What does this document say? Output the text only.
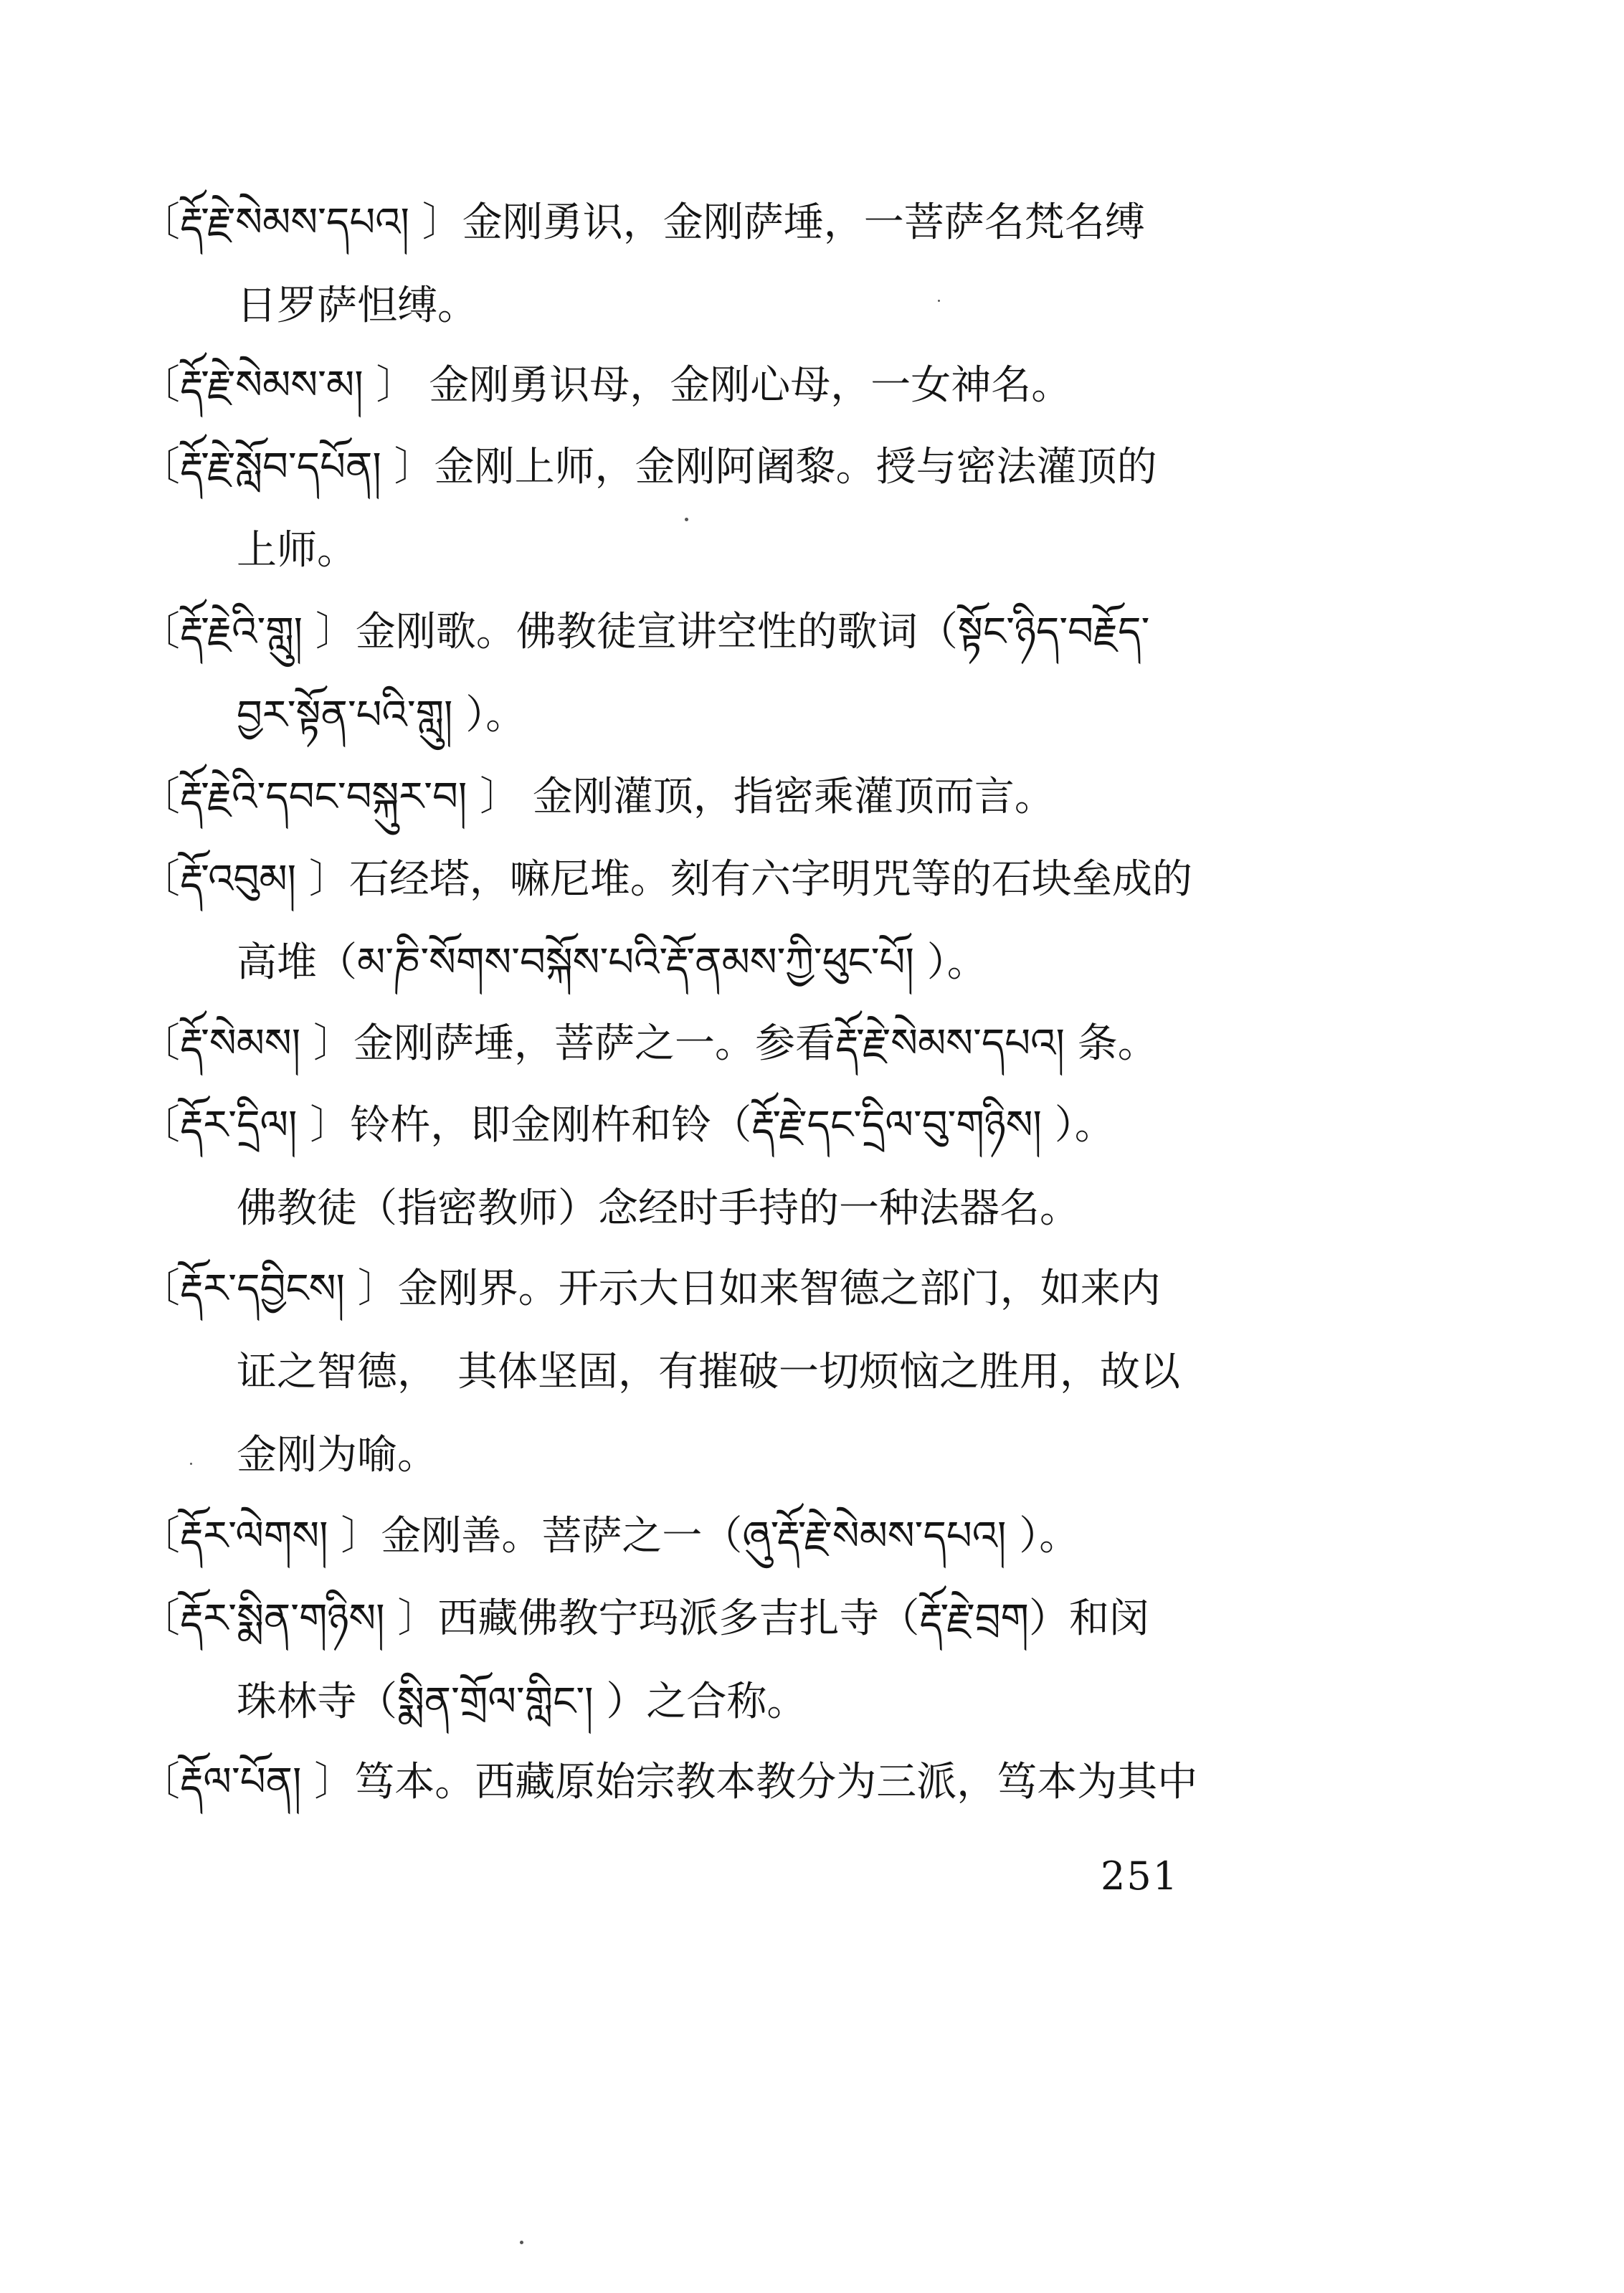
〔རྡོ་རྗེ་སེམས་དཔའ། 〕金刚勇识，金刚萨埵，一菩萨名梵名缚
日罗萨怛缚。
〔རྡོ་རྗེ་སེམས་མ། 〕 金刚勇识母，金刚心母，一女神名。
〔རྡོ་རྗེ་སློབ་དཔོན། 〕金刚上师，金刚阿阇黎。授与密法灌顶的
上师。
〔རྡོ་རྗེའི་གླུ། 〕金刚歌。佛教徒宣讲空性的歌词（སྟོང་ཉིད་བརྗོད་
བྱར་སྟོན་པའི་གླུ། ）。
〔རྡོ་རྗེའི་དབང་བསྐུར་བ། 〕 金刚灌顶，指密乘灌顶而言。
〔རྡོ་འབུམ། 〕石经塔，嘛尼堆。刻有六字明咒等的石块垒成的
高堆（མ་ཎི་སོགས་བསྐོས་པའི་རྡོ་ནམས་ཀྱི་ཕུང་པོ། ）。
〔རྡོ་སེམས། 〕金刚萨埵，菩萨之一。参看རྡོ་རྗེ་སེམས་དཔའ། 条。
〔རྡོར་དྲིལ། 〕铃杵，即金刚杵和铃（རྡོ་རྗེ་དང་དྲིལ་བུ་གཉིས། ）。
佛教徒（指密教师）念经时手持的一种法器名。
〔རྡོར་དབྱིངས། 〕金刚界。开示大日如来智德之部门，如来内
证之智德，　其体坚固，有摧破一切烦恼之胜用，故以
金刚为喻。
〔རྡོར་ལེགས། 〕金刚善。菩萨之一（ཞུ་རྡོ་རྗེ་སེམས་དཔའ། ）。
〔རྡོར་སྨིན་གཉིས། 〕西藏佛教宁玛派多吉扎寺（རྡོ་རྗེ་བྲག）和闵
珠林寺（སྨིན་གྲོལ་གླིང་། ）之合称。
〔རྡོལ་པོན། 〕笃本。西藏原始宗教本教分为三派，笃本为其中
251
